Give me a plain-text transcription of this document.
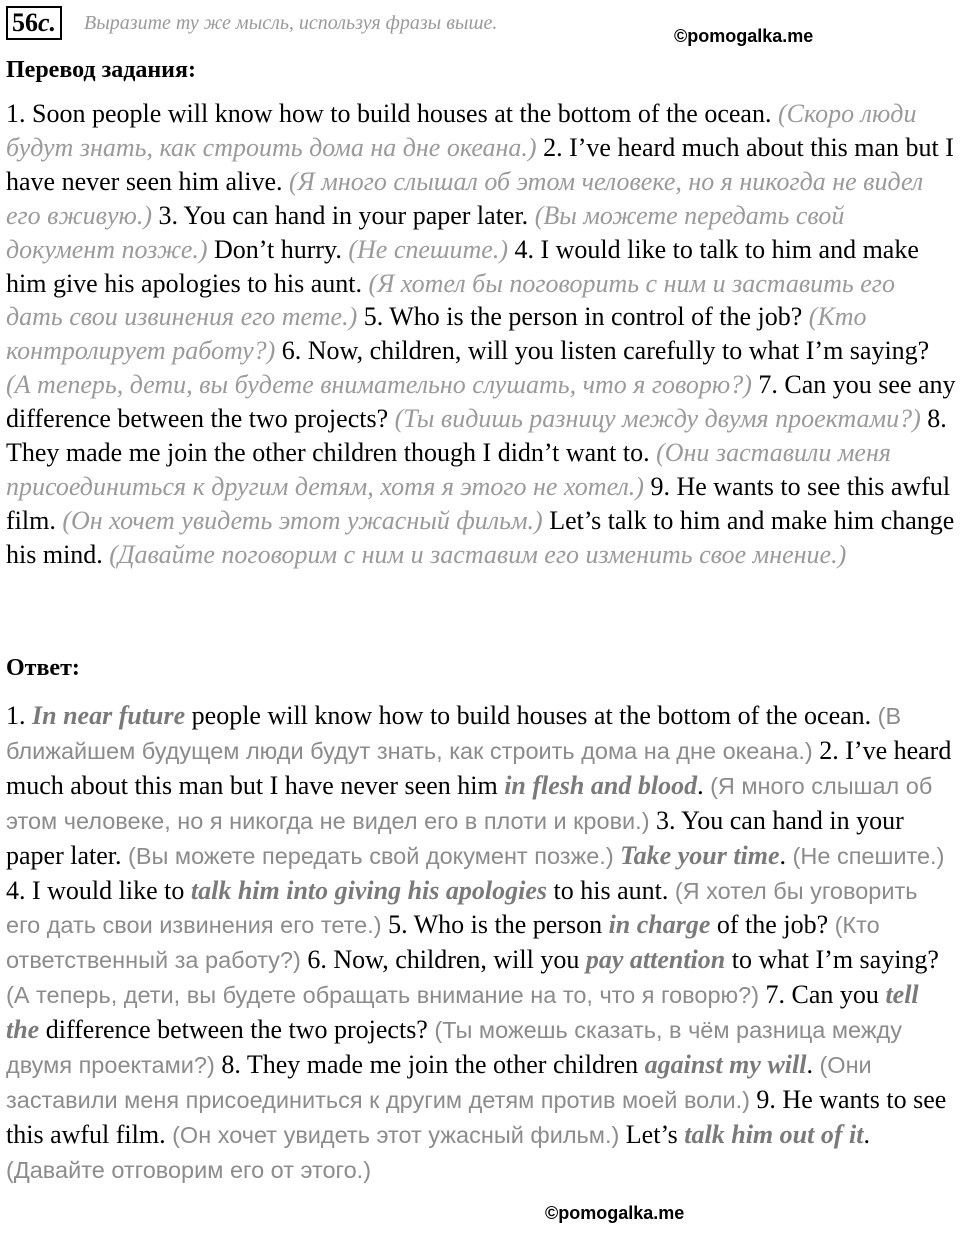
56c.	Выразите ту же мысль, используя фразы выше.
©pomogalka.me
Перевод задания:

1. Soon people will know how to build houses at the bottom of the ocean. (Скоро люди будут знать, как строить дома на дне океана.) 2. I’ve heard much about this man but I have never seen him alive. (Я много слышал об этом человеке, но я никогда не видел его вживую.) 3. You can hand in your paper later. (Вы можете передать свой документ позже.) Don’t hurry. (Не спешите.) 4. I would like to talk to him and make him give his apologies to his aunt. (Я хотел бы поговорить с ним и заставить его дать свои извинения его тете.) 5. Who is the person in control of the job? (Кто контролирует работу?) 6. Now, children, will you listen carefully to what I’m saying? (А теперь, дети, вы будете внимательно слушать, что я говорю?) 7. Can you see any difference between the two projects? (Ты видишь разницу между двумя проектами?) 8. They made me join the other children though I didn’t want to. (Они заставили меня присоединиться к другим детям, хотя я этого не хотел.) 9. He wants to see this awful film. (Он хочет увидеть этот ужасный фильм.) Let’s talk to him and make him change his mind. (Давайте поговорим с ним и заставим его изменить свое мнение.)

Ответ:

1. In near future people will know how to build houses at the bottom of the ocean. (В ближайшем будущем люди будут знать, как строить дома на дне океана.) 2. I’ve heard much about this man but I have never seen him in flesh and blood. (Я много слышал об этом человеке, но я никогда не видел его в плоти и крови.) 3. You can hand in your paper later. (Вы можете передать свой документ позже.) Take your time. (Не спешите.) 4. I would like to talk him into giving his apologies to his aunt. (Я хотел бы уговорить его дать свои извинения его тете.) 5. Who is the person in charge of the job? (Кто ответственный за работу?) 6. Now, children, will you pay attention to what I’m saying? (А теперь, дети, вы будете обращать внимание на то, что я говорю?) 7. Can you tell the difference between the two projects? (Ты можешь сказать, в чём разница между двумя проектами?) 8. They made me join the other children against my will. (Они заставили меня присоединиться к другим детям против моей воли.) 9. He wants to see this awful film. (Он хочет увидеть этот ужасный фильм.) Let’s talk him out of it. (Давайте отговорим его от этого.)

©pomogalka.me
